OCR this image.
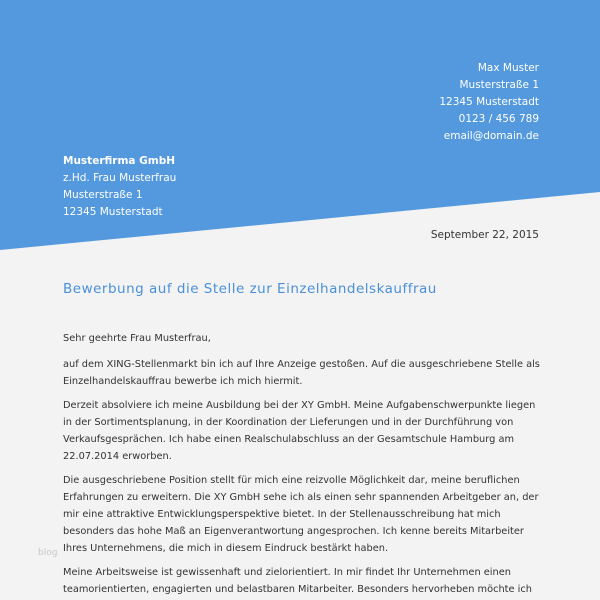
Max Muster
Musterstraße 1
12345 Musterstadt
0123 / 456 789
email@domain.de
Musterfirma GmbH
z.Hd. Frau Musterfrau
Musterstraße 1
12345 Musterstadt
September 22, 2015
Bewerbung auf die Stelle zur Einzelhandelskauffrau

Sehr geehrte Frau Musterfrau,

auf dem XING-Stellenmarkt bin ich auf Ihre Anzeige gestoßen. Auf die ausgeschriebene Stelle als Einzelhandelskauffrau bewerbe ich mich hiermit.

Derzeit absolviere ich meine Ausbildung bei der XY GmbH. Meine Aufgabenschwerpunkte liegen in der Sortimentsplanung, in der Koordination der Lieferungen und in der Durchführung von Verkaufsgesprächen. Ich habe einen Realschulabschluss an der Gesamtschule Hamburg am 22.07.2014 erworben.

Die ausgeschriebene Position stellt für mich eine reizvolle Möglichkeit dar, meine beruflichen Erfahrungen zu erweitern. Die XY GmbH sehe ich als einen sehr spannenden Arbeitgeber an, der mir eine attraktive Entwicklungsperspektive bietet. In der Stellenausschreibung hat mich besonders das hohe Maß an Eigenverantwortung angesprochen. Ich kenne bereits Mitarbeiter Ihres Unternehmens, die mich in diesem Eindruck bestärkt haben.

Meine Arbeitsweise ist gewissenhaft und zielorientiert. In mir findet Ihr Unternehmen einen teamorientierten, engagierten und belastbaren Mitarbeiter. Besonders hervorheben möchte ich

blog
